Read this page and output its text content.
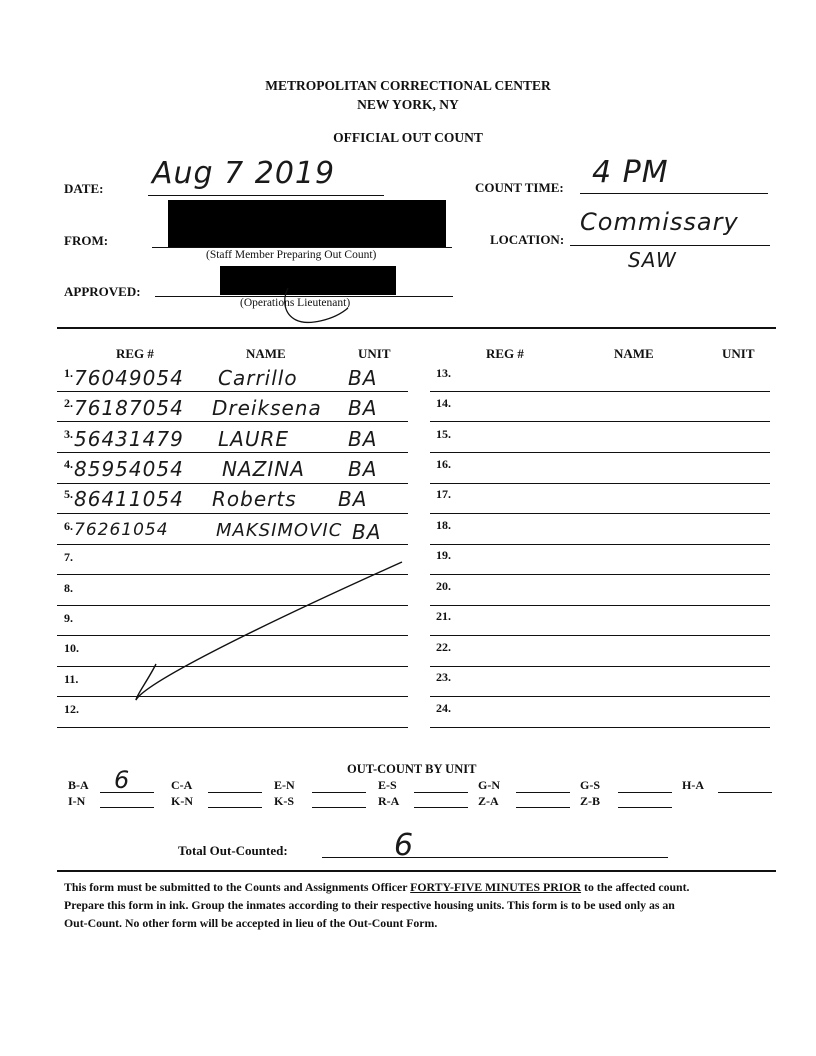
METROPOLITAN CORRECTIONAL CENTER
NEW YORK, NY
OFFICIAL OUT COUNT
DATE: Aug 7 2019	COUNT TIME: 4 PM
FROM:
(Staff Member Preparing Out Count)
LOCATION:
Commissary
SAW
APPROVED:
(Operations Lieutenant)
REG #	NAME	UNIT	REG #	NAME	UNIT
1. 76049054 Carrillo	BA
2. 76187054 Dreiksena BA
3. 56431479 LAURE	BA
4. 85954054 NAZINA BA
5. 86411054 Roberts BA
6. 76261054	MAKSIMOVIC BA
7.
8.
9.
10.
11.
12.
13.
14.
15.
16.
17.
18.
19.
20.
21.
22.
23.
24.
OUT-COUNT BY UNIT
B-A 6	C-A	E-N	E-S	G-N	G-S	H-A
I-N	K-N	K-S	R-A	Z-A	Z-B
Total Out-Counted:	6
This form must be submitted to the Counts and Assignments Officer FORTY-FIVE MINUTES PRIOR to the affected count.
Prepare this form in ink. Group the inmates according to their respective housing units. This form is to be used only as an
Out-Count. No other form will be accepted in lieu of the Out-Count Form.
